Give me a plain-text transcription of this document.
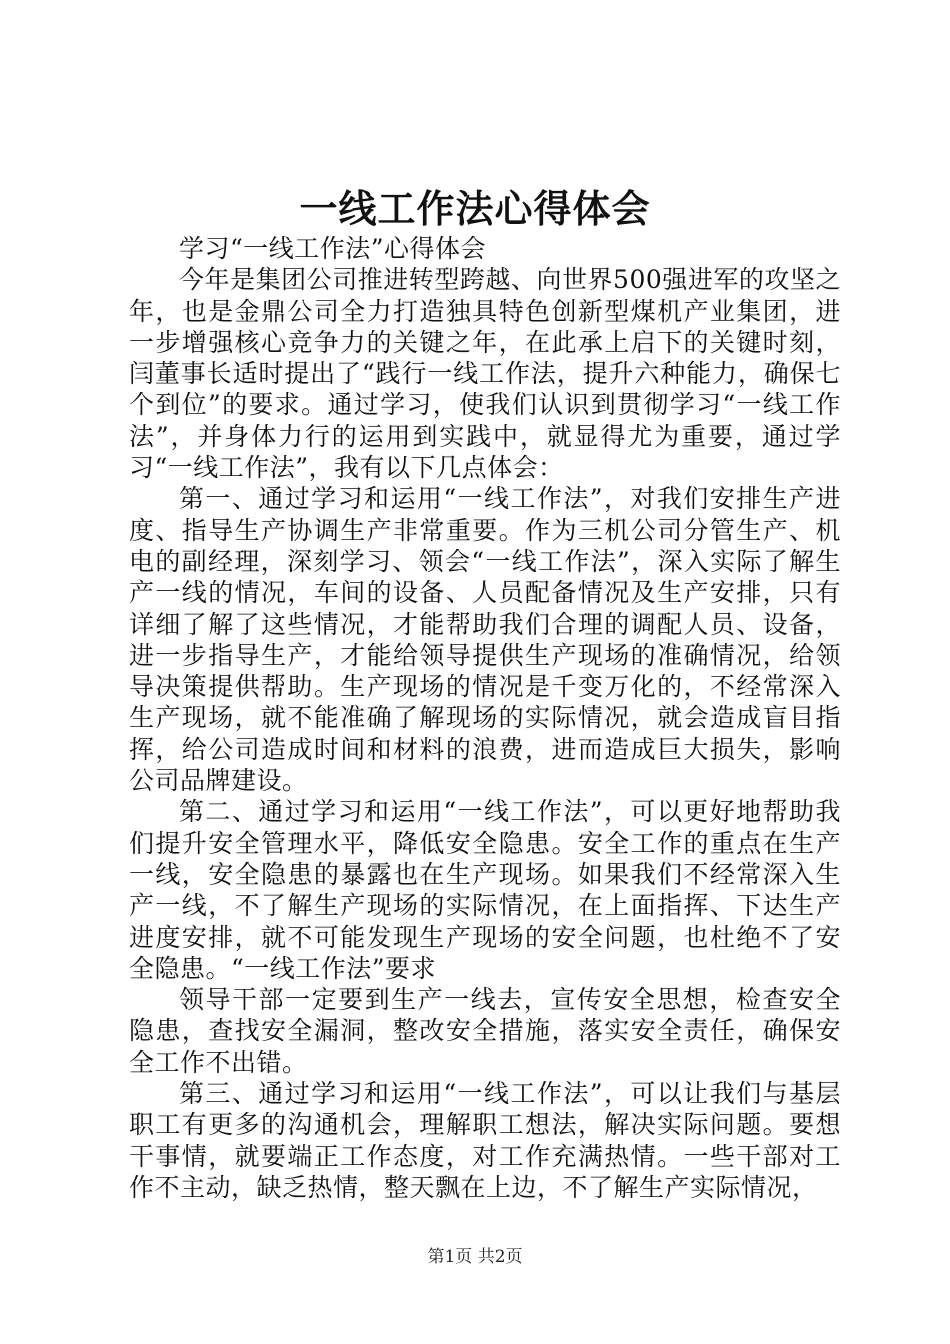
一线工作法心得体会

学习“一线工作法”心得体会

今年是集团公司推进转型跨越、向世界500强进军的攻坚之年，也是金鼎公司全力打造独具特色创新型煤机产业集团，进一步增强核心竞争力的关键之年，在此承上启下的关键时刻，闫董事长适时提出了“践行一线工作法，提升六种能力，确保七个到位”的要求。通过学习，使我们认识到贯彻学习“一线工作法”，并身体力行的运用到实践中，就显得尤为重要，通过学习“一线工作法”，我有以下几点体会：

第一、通过学习和运用“一线工作法”，对我们安排生产进度、指导生产协调生产非常重要。作为三机公司分管生产、机电的副经理，深刻学习、领会“一线工作法”，深入实际了解生产一线的情况，车间的设备、人员配备情况及生产安排，只有详细了解了这些情况，才能帮助我们合理的调配人员、设备，进一步指导生产，才能给领导提供生产现场的准确情况，给领导决策提供帮助。生产现场的情况是千变万化的，不经常深入生产现场，就不能准确了解现场的实际情况，就会造成盲目指挥，给公司造成时间和材料的浪费，进而造成巨大损失，影响公司品牌建设。

第二、通过学习和运用“一线工作法”，可以更好地帮助我们提升安全管理水平，降低安全隐患。安全工作的重点在生产一线，安全隐患的暴露也在生产现场。如果我们不经常深入生产一线，不了解生产现场的实际情况，在上面指挥、下达生产进度安排，就不可能发现生产现场的安全问题，也杜绝不了安全隐患。“一线工作法”要求

领导干部一定要到生产一线去，宣传安全思想，检查安全隐患，查找安全漏洞，整改安全措施，落实安全责任，确保安全工作不出错。

第三、通过学习和运用“一线工作法”，可以让我们与基层职工有更多的沟通机会，理解职工想法，解决实际问题。要想干事情，就要端正工作态度，对工作充满热情。一些干部对工作不主动，缺乏热情，整天飘在上边，不了解生产实际情况，

第1页 共2页
